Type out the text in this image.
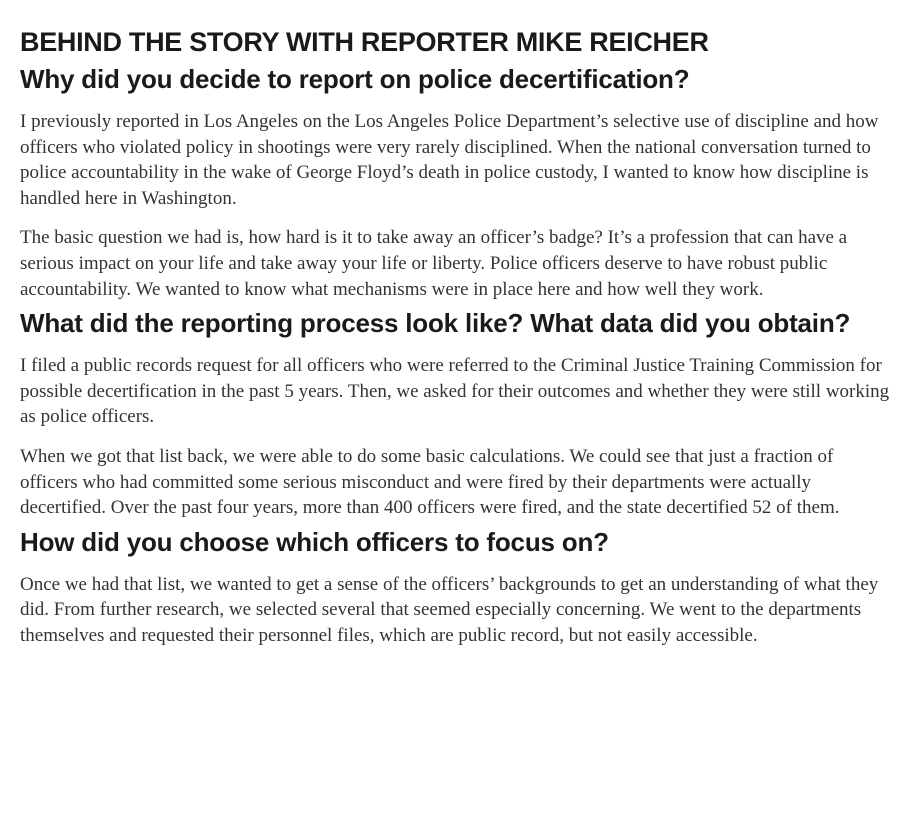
BEHIND THE STORY WITH REPORTER MIKE REICHER
Why did you decide to report on police decertification?

I previously reported in Los Angeles on the Los Angeles Police Department’s selective use of discipline and how officers who violated policy in shootings were very rarely disciplined. When the national conversation turned to police accountability in the wake of George Floyd’s death in police custody, I wanted to know how discipline is handled here in Washington.

The basic question we had is, how hard is it to take away an officer’s badge? It’s a profession that can have a serious impact on your life and take away your life or liberty. Police officers deserve to have robust public accountability. We wanted to know what mechanisms were in place here and how well they work.

What did the reporting process look like? What data did you obtain?

I filed a public records request for all officers who were referred to the Criminal Justice Training Commission for possible decertification in the past 5 years. Then, we asked for their outcomes and whether they were still working as police officers.

When we got that list back, we were able to do some basic calculations. We could see that just a fraction of officers who had committed some serious misconduct and were fired by their departments were actually decertified. Over the past four years, more than 400 officers were fired, and the state decertified 52 of them.

How did you choose which officers to focus on?

Once we had that list, we wanted to get a sense of the officers’ backgrounds to get an understanding of what they did. From further research, we selected several that seemed especially concerning. We went to the departments themselves and requested their personnel files, which are public record, but not easily accessible.
